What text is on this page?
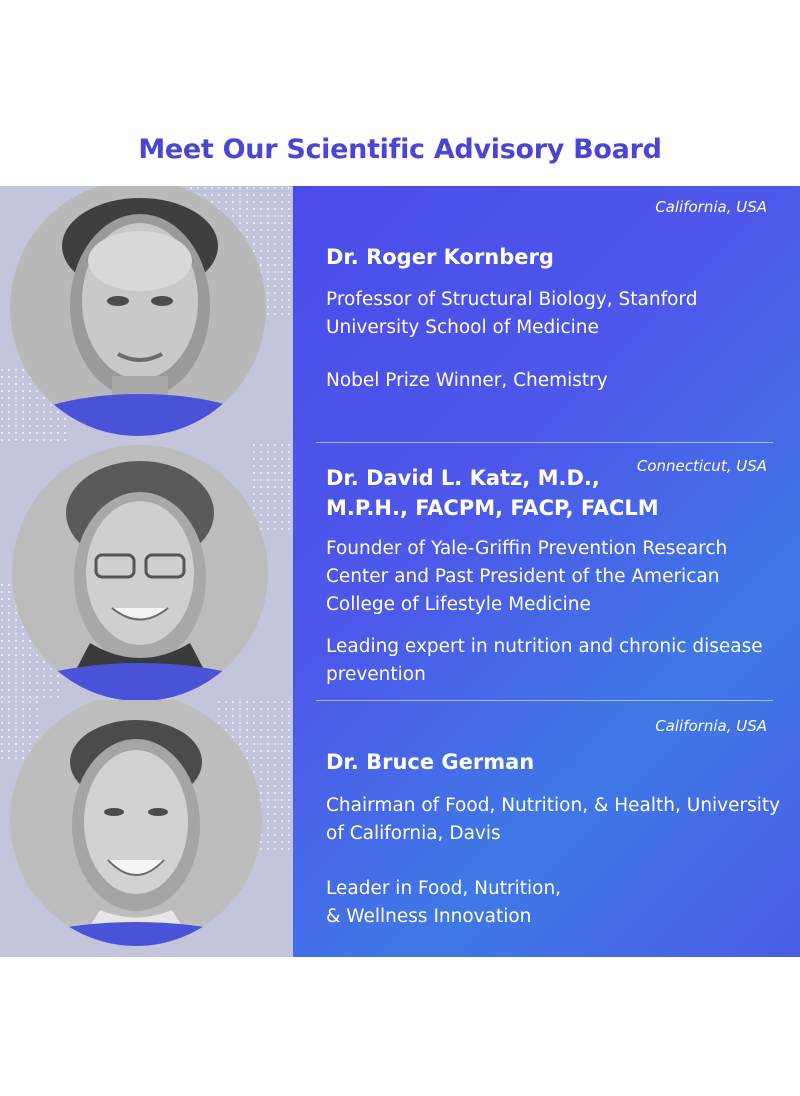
Meet Our Scientific Advisory Board
California, USA
Dr. Roger Kornberg
Professor of Structural Biology, Stanford University School of Medicine
Nobel Prize Winner, Chemistry
Connecticut, USA
Dr. David L. Katz, M.D.,
M.P.H., FACPM, FACP, FACLM
Founder of Yale-Griffin Prevention Research Center and Past President of the American College of Lifestyle Medicine
Leading expert in nutrition and chronic disease prevention
California, USA
Dr. Bruce German
Chairman of Food, Nutrition, & Health, University of California, Davis
Leader in Food, Nutrition,
& Wellness Innovation
